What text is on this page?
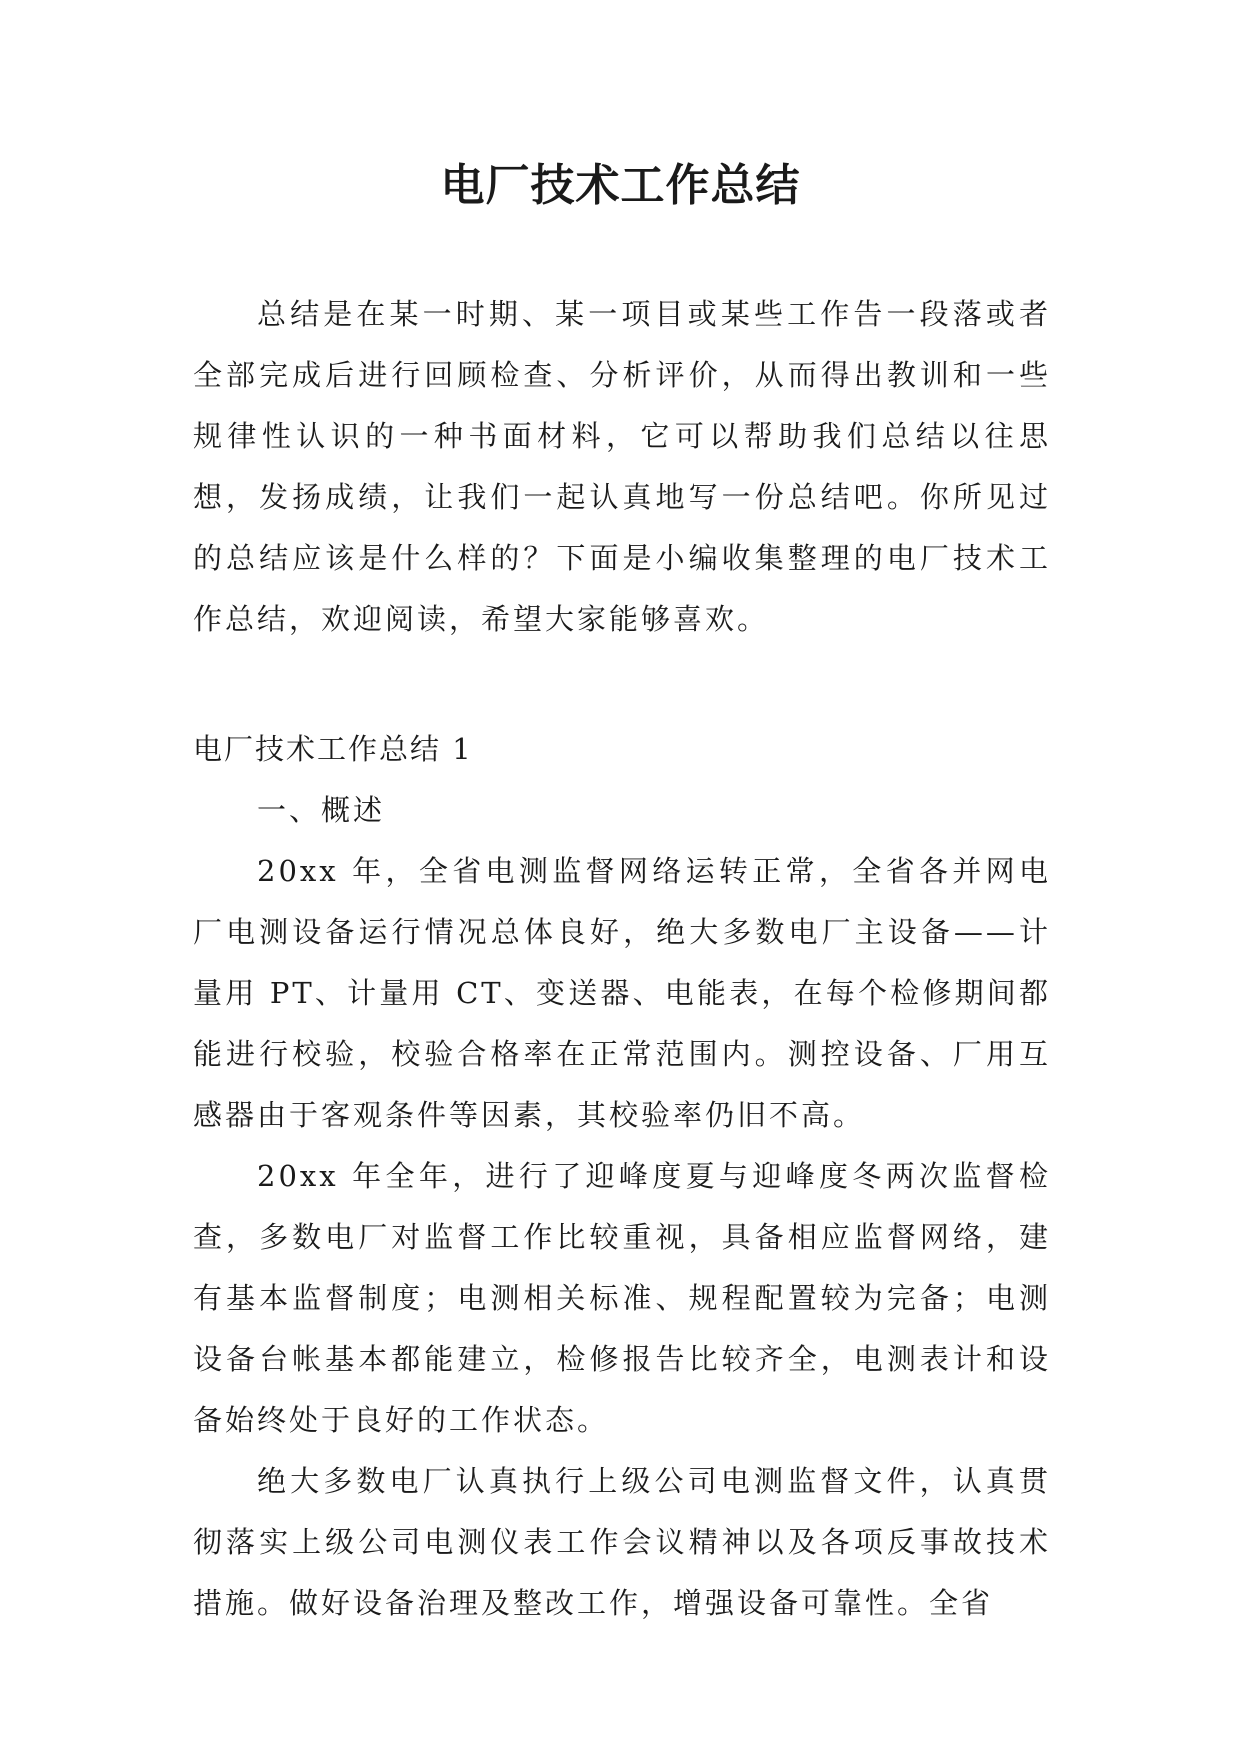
电厂技术工作总结

总结是在某一时期、某一项目或某些工作告一段落或者全部完成后进行回顾检查、分析评价，从而得出教训和一些规律性认识的一种书面材料，它可以帮助我们总结以往思想，发扬成绩，让我们一起认真地写一份总结吧。你所见过的总结应该是什么样的？下面是小编收集整理的电厂技术工作总结，欢迎阅读，希望大家能够喜欢。

电厂技术工作总结 1

一、概述

20xx 年，全省电测监督网络运转正常，全省各并网电厂电测设备运行情况总体良好，绝大多数电厂主设备——计量用 PT、计量用 CT、变送器、电能表，在每个检修期间都能进行校验，校验合格率在正常范围内。测控设备、厂用互感器由于客观条件等因素，其校验率仍旧不高。

20xx 年全年，进行了迎峰度夏与迎峰度冬两次监督检查，多数电厂对监督工作比较重视，具备相应监督网络，建有基本监督制度；电测相关标准、规程配置较为完备；电测设备台帐基本都能建立，检修报告比较齐全，电测表计和设备始终处于良好的工作状态。

绝大多数电厂认真执行上级公司电测监督文件，认真贯彻落实上级公司电测仪表工作会议精神以及各项反事故技术措施。做好设备治理及整改工作，增强设备可靠性。全省
